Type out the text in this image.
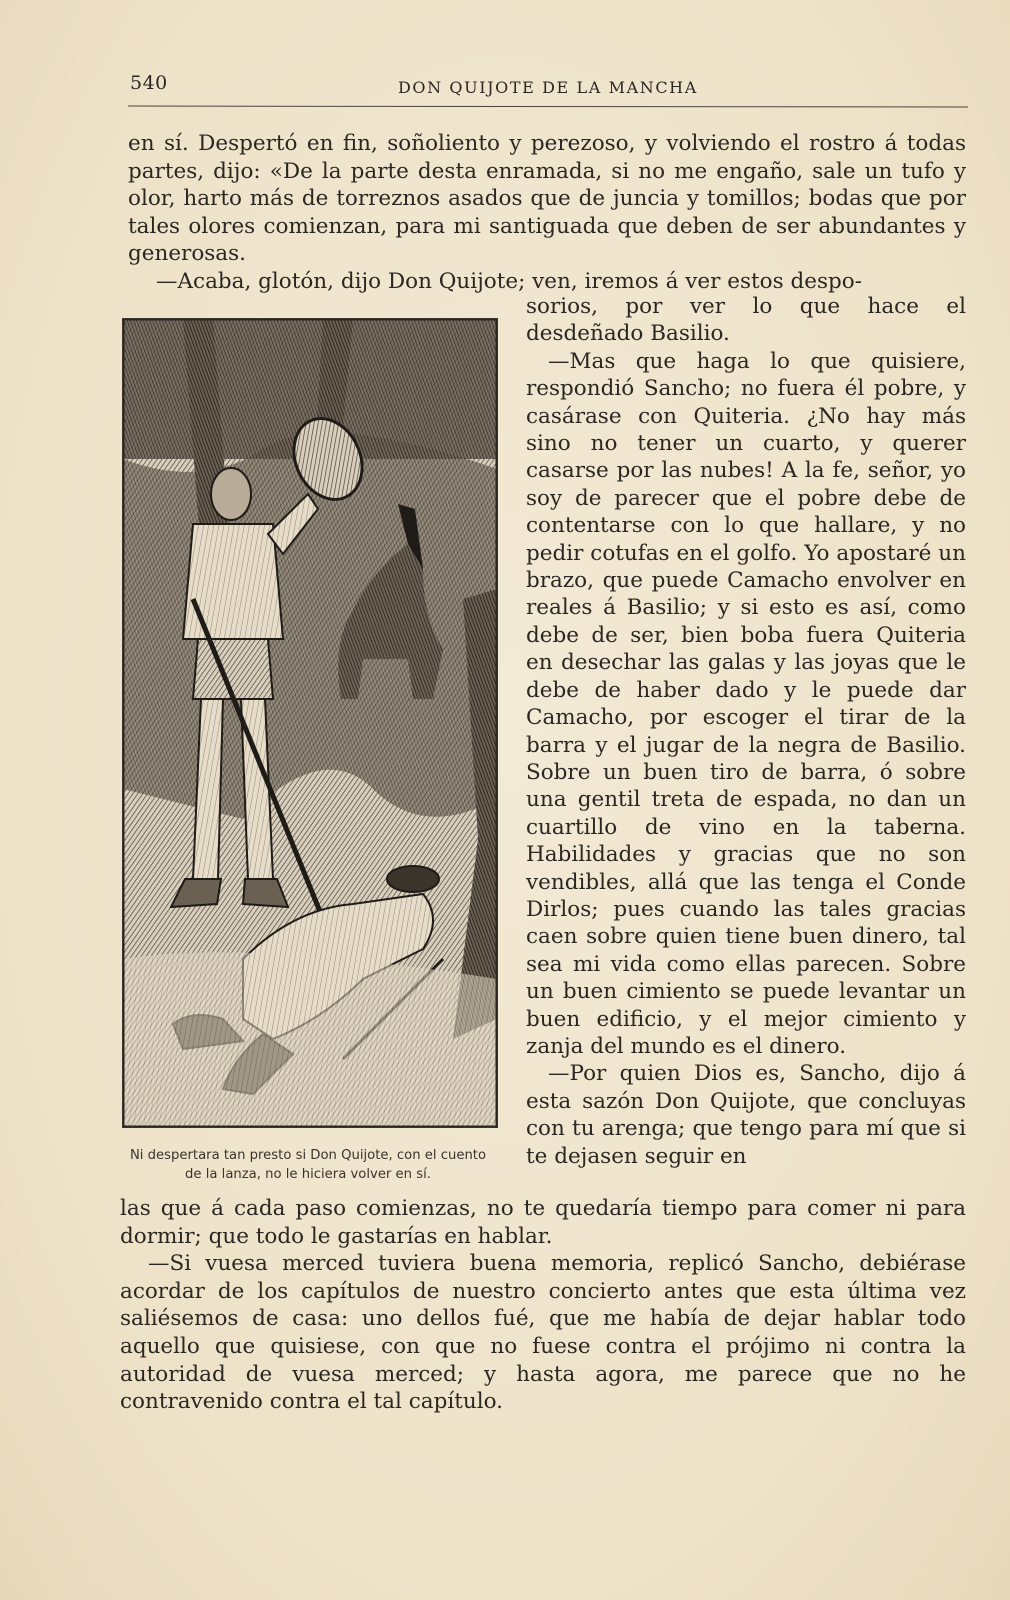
540	DON QUIJOTE DE LA MANCHA

en sí. Despertó en fin, soñoliento y perezoso, y volviendo el rostro á todas partes, dijo: «De la parte desta enramada, si no me engaño, sale un tufo y olor, harto más de torreznos asados que de juncia y tomillos; bodas que por tales olores comienzan, para mi santiguada que deben de ser abundantes y generosas.

—Acaba, glotón, dijo Don Quijote; ven, iremos á ver estos despo-

Ni despertara tan presto si Don Quijote, con el cuento de la lanza, no le hiciera volver en sí.

sorios, por ver lo que hace el desdeñado Basilio.

—Mas que haga lo que quisiere, respondió Sancho; no fuera él pobre, y casárase con Quiteria. ¿No hay más sino no tener un cuarto, y querer casarse por las nubes! A la fe, señor, yo soy de parecer que el pobre debe de contentarse con lo que hallare, y no pedir cotufas en el golfo. Yo apostaré un brazo, que puede Camacho envolver en reales á Basilio; y si esto es así, como debe de ser, bien boba fuera Quiteria en desechar las galas y las joyas que le debe de haber dado y le puede dar Camacho, por escoger el tirar de la barra y el jugar de la negra de Basilio. Sobre un buen tiro de barra, ó sobre una gentil treta de espada, no dan un cuartillo de vino en la taberna. Habilidades y gracias que no son vendibles, allá que las tenga el Conde Dirlos; pues cuando las tales gracias caen sobre quien tiene buen dinero, tal sea mi vida como ellas parecen. Sobre un buen cimiento se puede levantar un buen edificio, y el mejor cimiento y zanja del mundo es el dinero.

—Por quien Dios es, Sancho, dijo á esta sazón Don Quijote, que concluyas con tu arenga; que tengo para mí que si te dejasen seguir en

las que á cada paso comienzas, no te quedaría tiempo para comer ni para dormir; que todo le gastarías en hablar.

—Si vuesa merced tuviera buena memoria, replicó Sancho, debiérase acordar de los capítulos de nuestro concierto antes que esta última vez saliésemos de casa: uno dellos fué, que me había de dejar hablar todo aquello que quisiese, con que no fuese contra el prójimo ni contra la autoridad de vuesa merced; y hasta agora, me parece que no he contravenido contra el tal capítulo.
